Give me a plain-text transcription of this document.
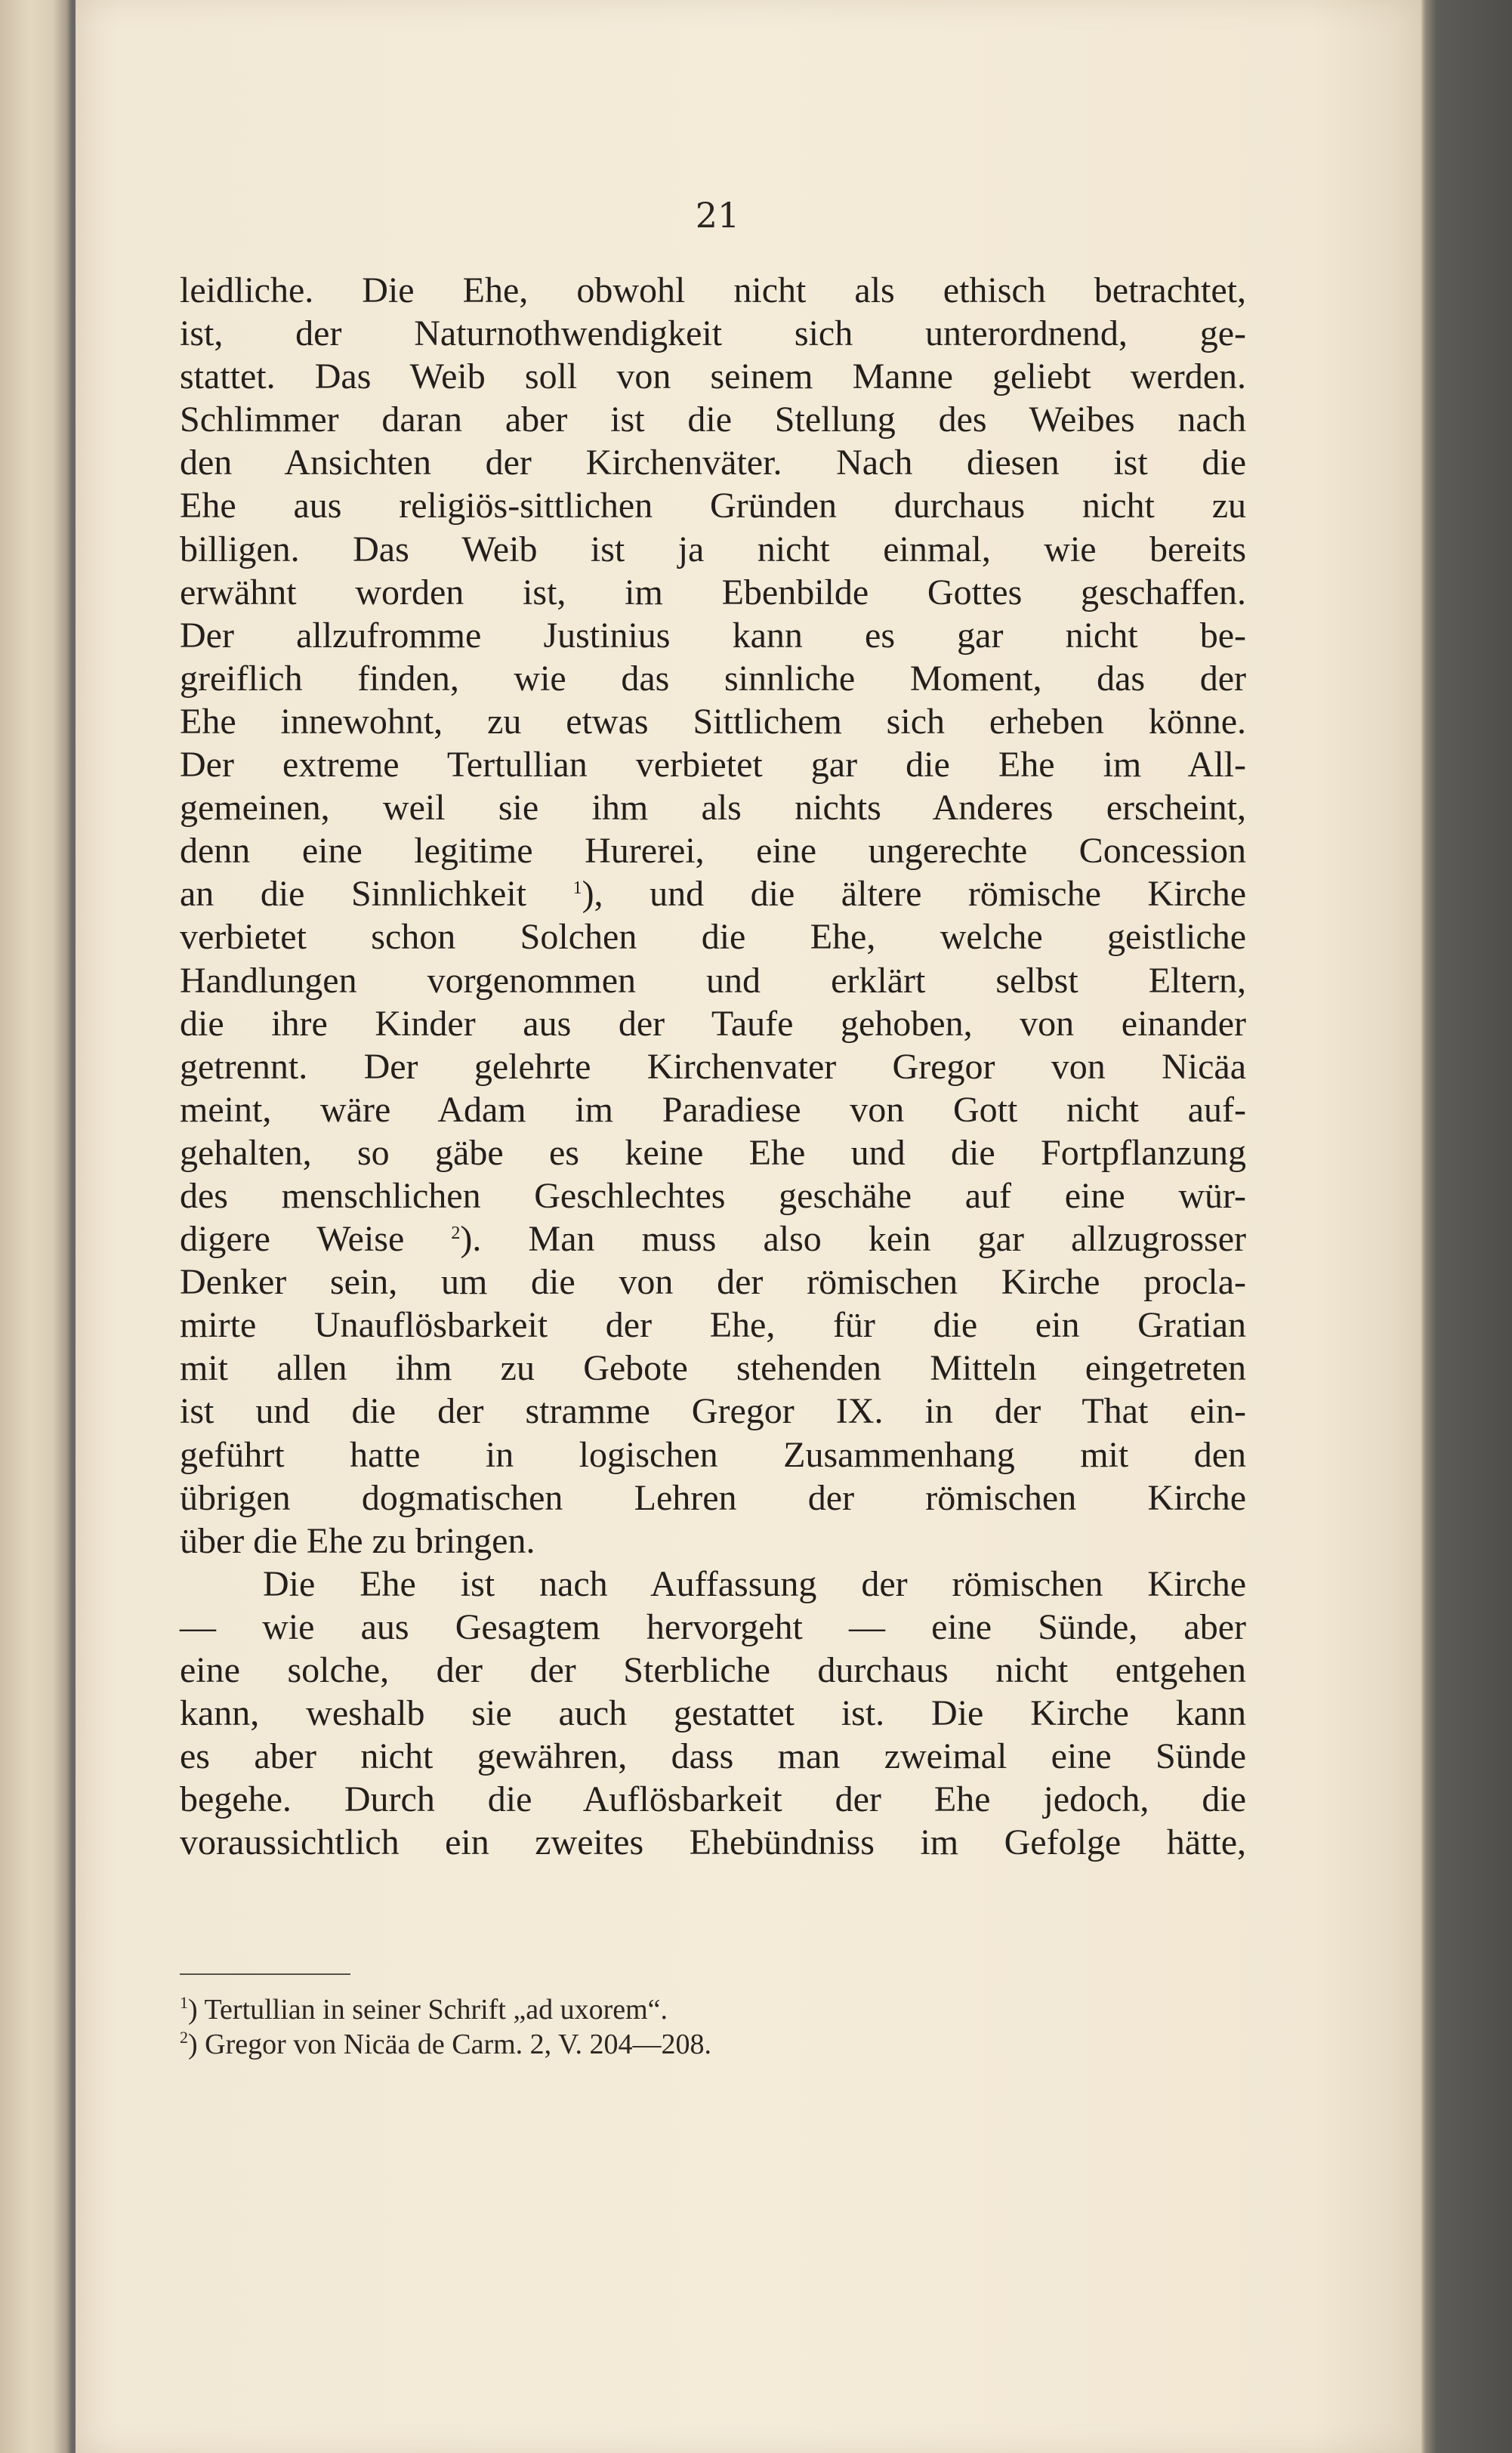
21
leidliche. Die Ehe, obwohl nicht als ethisch betrachtet,
ist, der Naturnothwendigkeit sich unterordnend, ge-
stattet. Das Weib soll von seinem Manne geliebt werden.
Schlimmer daran aber ist die Stellung des Weibes nach
den Ansichten der Kirchenväter. Nach diesen ist die
Ehe aus religiös-sittlichen Gründen durchaus nicht zu
billigen. Das Weib ist ja nicht einmal, wie bereits
erwähnt worden ist, im Ebenbilde Gottes geschaffen.
Der allzufromme Justinius kann es gar nicht be-
greiflich finden, wie das sinnliche Moment, das der
Ehe innewohnt, zu etwas Sittlichem sich erheben könne.
Der extreme Tertullian verbietet gar die Ehe im All-
gemeinen, weil sie ihm als nichts Anderes erscheint,
denn eine legitime Hurerei, eine ungerechte Concession
an die Sinnlichkeit	$^1$), und die ältere römische Kirche
verbietet schon Solchen die Ehe, welche geistliche
Handlungen vorgenommen und erklärt selbst Eltern,
die ihre Kinder aus der Taufe gehoben, von einander
getrennt. Der gelehrte Kirchenvater Gregor von Nicäa
meint, wäre Adam im Paradiese von Gott nicht auf-
gehalten, so gäbe es keine Ehe und die Fortpflanzung
des menschlichen Geschlechtes geschähe auf eine wür-
digere Weise	$^2$). Man muss also kein gar allzugrosser
Denker sein, um die von der römischen Kirche procla-
mirte Unauflösbarkeit der Ehe, für die ein Gratian
mit allen ihm zu Gebote stehenden Mitteln eingetreten
ist und die der stramme Gregor IX. in der That ein-
geführt hatte in logischen Zusammenhang mit den
übrigen dogmatischen Lehren der römischen Kirche
über die Ehe zu bringen.
Die Ehe ist nach Auffassung der römischen Kirche
— wie aus Gesagtem hervorgeht — eine Sünde, aber
eine solche, der der Sterbliche durchaus nicht entgehen
kann, weshalb sie auch gestattet ist. Die Kirche kann
es aber nicht gewähren, dass man zweimal eine Sünde
begehe. Durch die Auflösbarkeit der Ehe jedoch, die
voraussichtlich ein zweites Ehebündniss im Gefolge hätte,
$^1$) Tertullian in seiner Schrift „ad uxorem“.
$^2$) Gregor von Nicäa de Carm. 2, V. 204—208.
